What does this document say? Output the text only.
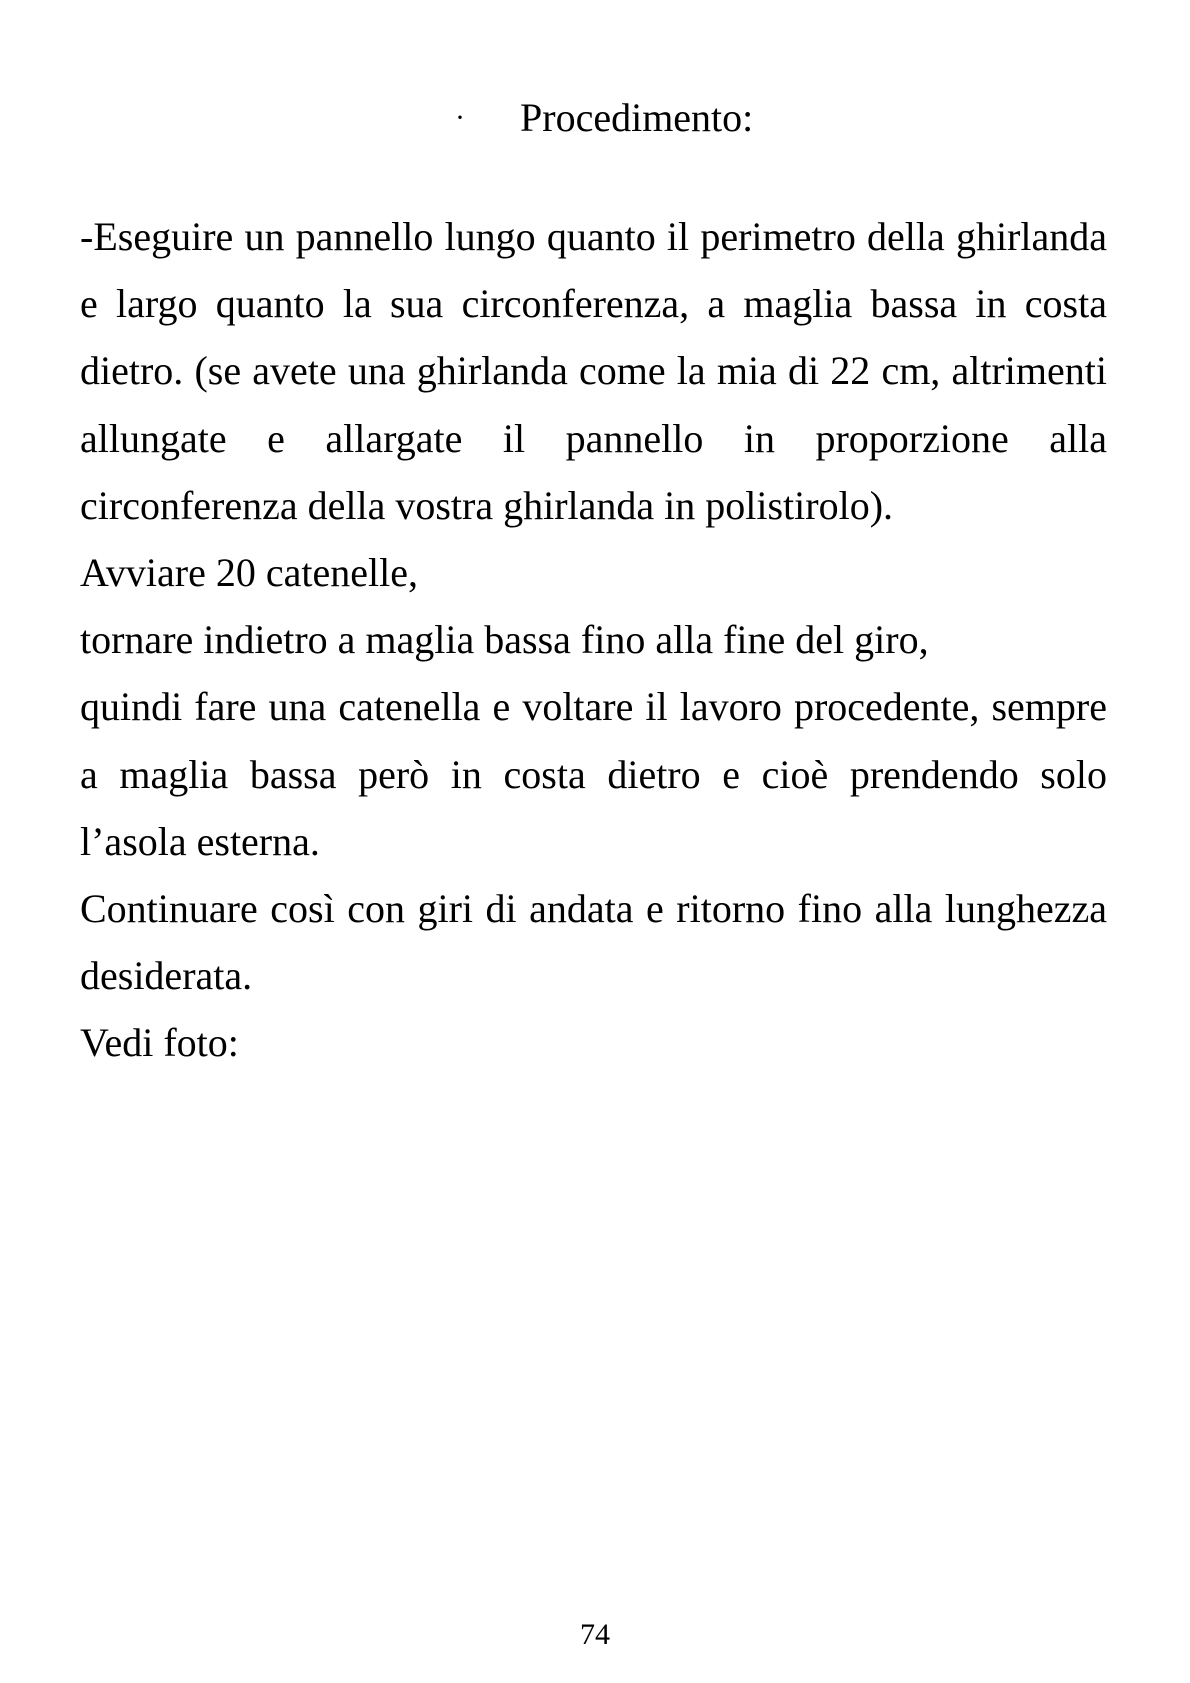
· Procedimento:

-Eseguire un pannello lungo quanto il perimetro della ghirlanda e largo quanto la sua circonferenza, a maglia bassa in costa dietro. (se avete una ghirlanda come la mia di 22 cm, altrimenti allungate e allargate il pannello in proporzione alla circonferenza della vostra ghirlanda in polistirolo).

Avviare 20 catenelle,

tornare indietro a maglia bassa fino alla fine del giro,

quindi fare una catenella e voltare il lavoro procedente, sempre a maglia bassa però in costa dietro e cioè prendendo solo l’asola esterna.

Continuare così con giri di andata e ritorno fino alla lunghezza desiderata.

Vedi foto:

74
